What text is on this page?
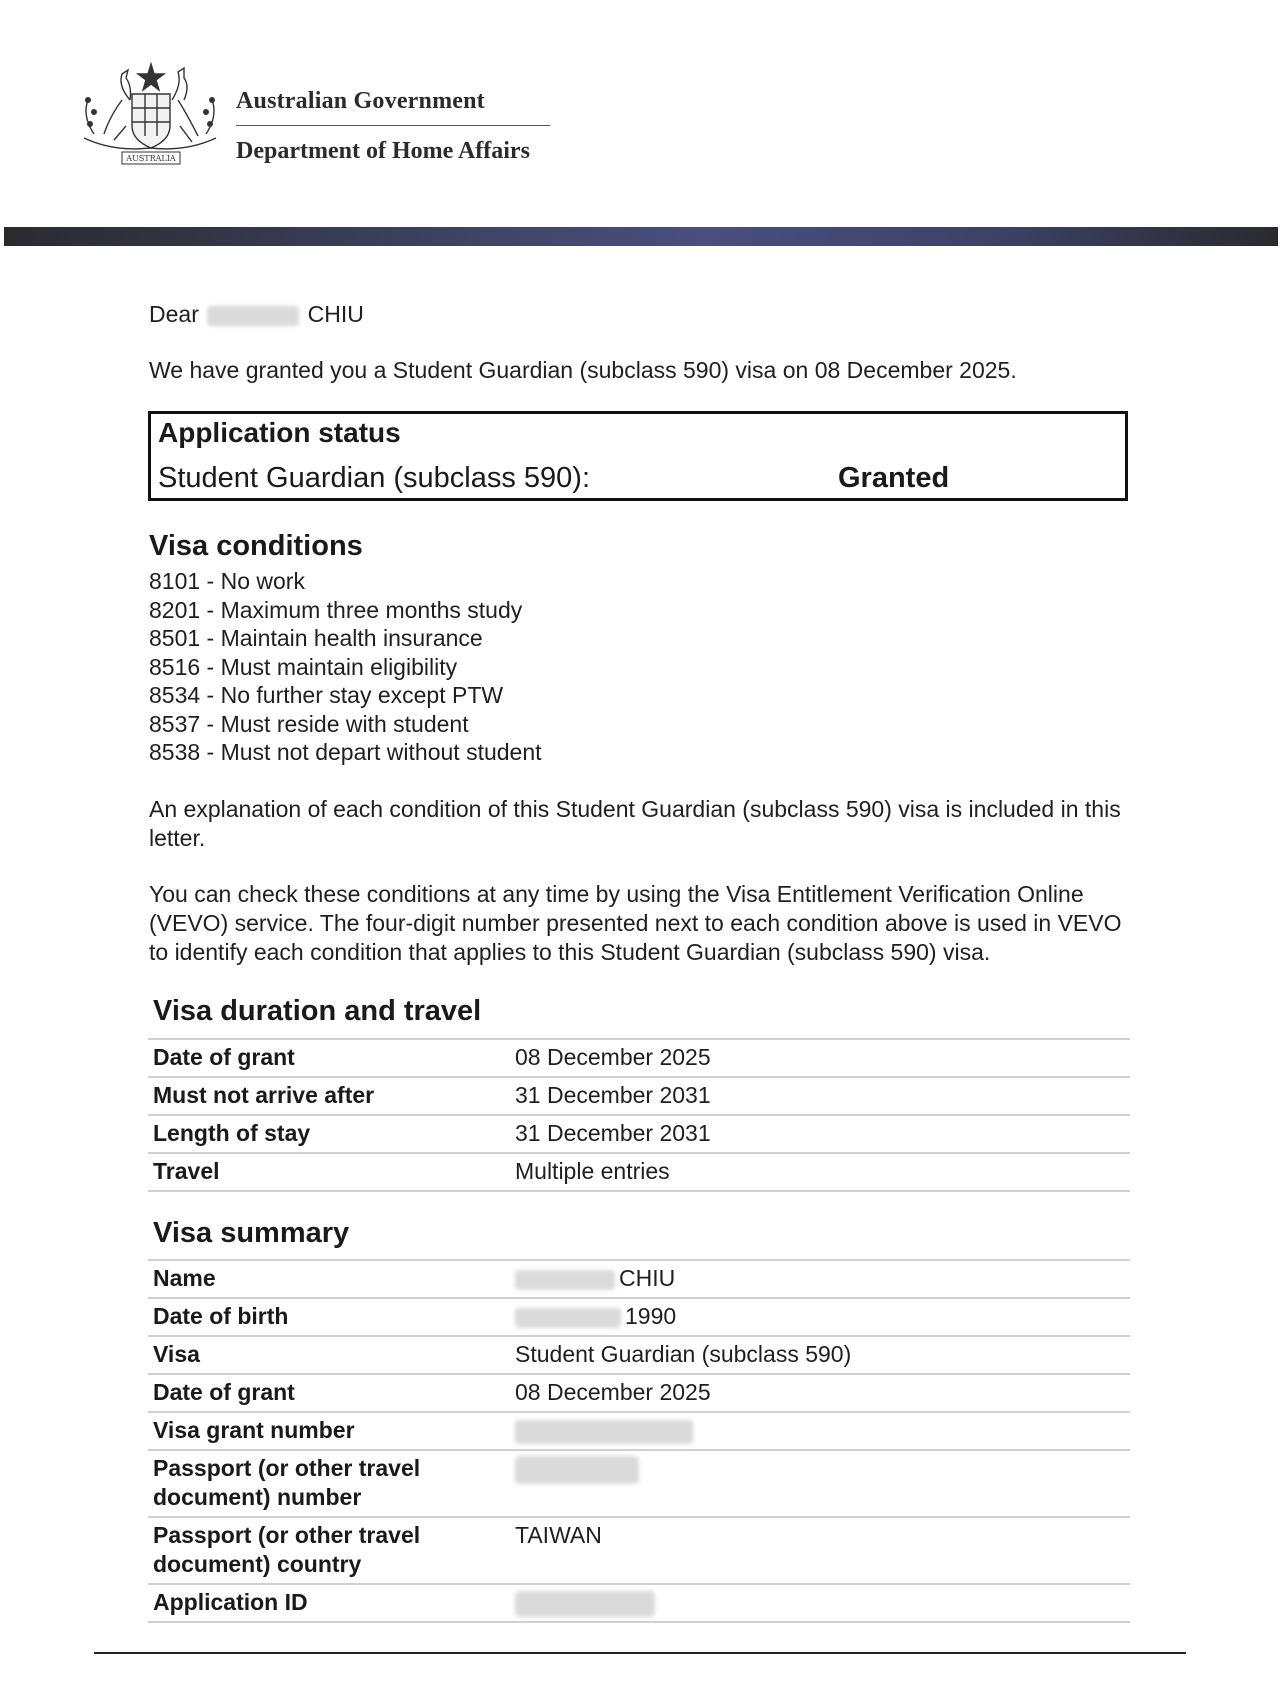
AUSTRALIA
Australian Government
Department of Home Affairs
Dear	CHIU
We have granted you a Student Guardian (subclass 590) visa on 08 December 2025.
Application status
Student Guardian (subclass 590):	Granted
Visa conditions
8101 - No work
8201 - Maximum three months study
8501 - Maintain health insurance
8516 - Must maintain eligibility
8534 - No further stay except PTW
8537 - Must reside with student
8538 - Must not depart without student
An explanation of each condition of this Student Guardian (subclass 590) visa is included in this letter.
You can check these conditions at any time by using the Visa Entitlement Verification Online (VEVO) service. The four-digit number presented next to each condition above is used in VEVO to identify each condition that applies to this Student Guardian (subclass 590) visa.
Visa duration and travel
Date of grant	08 December 2025
Must not arrive after	31 December 2031
Length of stay	31 December 2031
Travel	Multiple entries
Visa summary
Name	CHIU
Date of birth	1990
Visa	Student Guardian (subclass 590)
Date of grant	08 December 2025
Visa grant number	
Passport (or other travel document) number	
Passport (or other travel document) country	TAIWAN
Application ID	
